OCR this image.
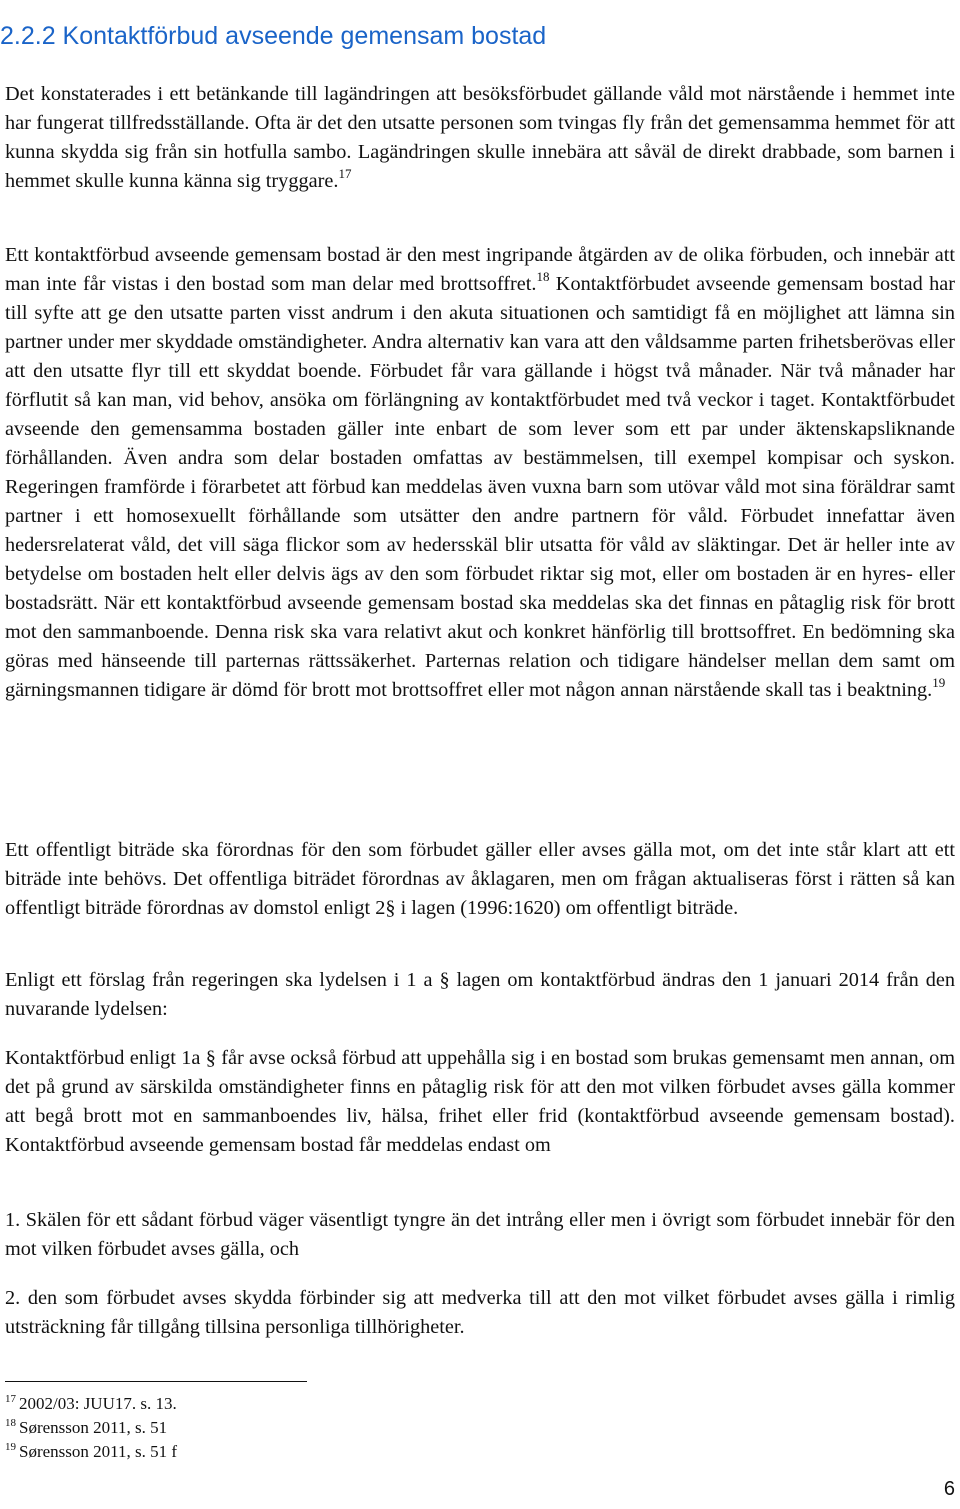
2.2.2 Kontaktförbud avseende gemensam bostad

Det konstaterades i ett betänkande till lagändringen att besöksförbudet gällande våld mot närstående i hemmet inte har fungerat tillfredsställande. Ofta är det den utsatte personen som tvingas fly från det gemensamma hemmet för att kunna skydda sig från sin hotfulla sambo. Lagändringen skulle innebära att såväl de direkt drabbade, som barnen i hemmet skulle kunna känna sig tryggare.$^{17}$

Ett kontaktförbud avseende gemensam bostad är den mest ingripande åtgärden av de olika förbuden, och innebär att man inte får vistas i den bostad som man delar med brottsoffret.$^{18}$ Kontaktförbudet avseende gemensam bostad har till syfte att ge den utsatte parten visst andrum i den akuta situationen och samtidigt få en möjlighet att lämna sin partner under mer skyddade omständigheter. Andra alternativ kan vara att den våldsamme parten frihetsberövas eller att den utsatte flyr till ett skyddat boende. Förbudet får vara gällande i högst två månader. När två månader har förflutit så kan man, vid behov, ansöka om förlängning av kontaktförbudet med två veckor i taget. Kontaktförbudet avseende den gemensamma bostaden gäller inte enbart de som lever som ett par under äktenskapsliknande förhållanden. Även andra som delar bostaden omfattas av bestämmelsen, till exempel kompisar och syskon. Regeringen framförde i förarbetet att förbud kan meddelas även vuxna barn som utövar våld mot sina föräldrar samt partner i ett homosexuellt förhållande som utsätter den andre partnern för våld. Förbudet innefattar även hedersrelaterat våld, det vill säga flickor som av hedersskäl blir utsatta för våld av släktingar. Det är heller inte av betydelse om bostaden helt eller delvis ägs av den som förbudet riktar sig mot, eller om bostaden är en hyres- eller bostadsrätt. När ett kontaktförbud avseende gemensam bostad ska meddelas ska det finnas en påtaglig risk för brott mot den sammanboende. Denna risk ska vara relativt akut och konkret hänförlig till brottsoffret. En bedömning ska göras med hänseende till parternas rättssäkerhet. Parternas relation och tidigare händelser mellan dem samt om gärningsmannen tidigare är dömd för brott mot brottsoffret eller mot någon annan närstående skall tas i beaktning.$^{19}$

Ett offentligt biträde ska förordnas för den som förbudet gäller eller avses gälla mot, om det inte står klart att ett biträde inte behövs. Det offentliga biträdet förordnas av åklagaren, men om frågan aktualiseras först i rätten så kan offentligt biträde förordnas av domstol enligt 2§ i lagen (1996:1620) om offentligt biträde.

Enligt ett förslag från regeringen ska lydelsen i 1 a § lagen om kontaktförbud ändras den 1 januari 2014 från den nuvarande lydelsen:

Kontaktförbud enligt 1a § får avse också förbud att uppehålla sig i en bostad som brukas gemensamt men annan, om det på grund av särskilda omständigheter finns en påtaglig risk för att den mot vilken förbudet avses gälla kommer att begå brott mot en sammanboendes liv, hälsa, frihet eller frid (kontaktförbud avseende gemensam bostad). Kontaktförbud avseende gemensam bostad får meddelas endast om

1. Skälen för ett sådant förbud väger väsentligt tyngre än det intrång eller men i övrigt som förbudet innebär för den mot vilken förbudet avses gälla, och

2. den som förbudet avses skydda förbinder sig att medverka till att den mot vilket förbudet avses gälla i rimlig utsträckning får tillgång tillsina personliga tillhörigheter.

$^{17}$ 2002/03: JUU17. s. 13.
$^{18}$ Sørensson 2011, s. 51
$^{19}$ Sørensson 2011, s. 51 f
6
